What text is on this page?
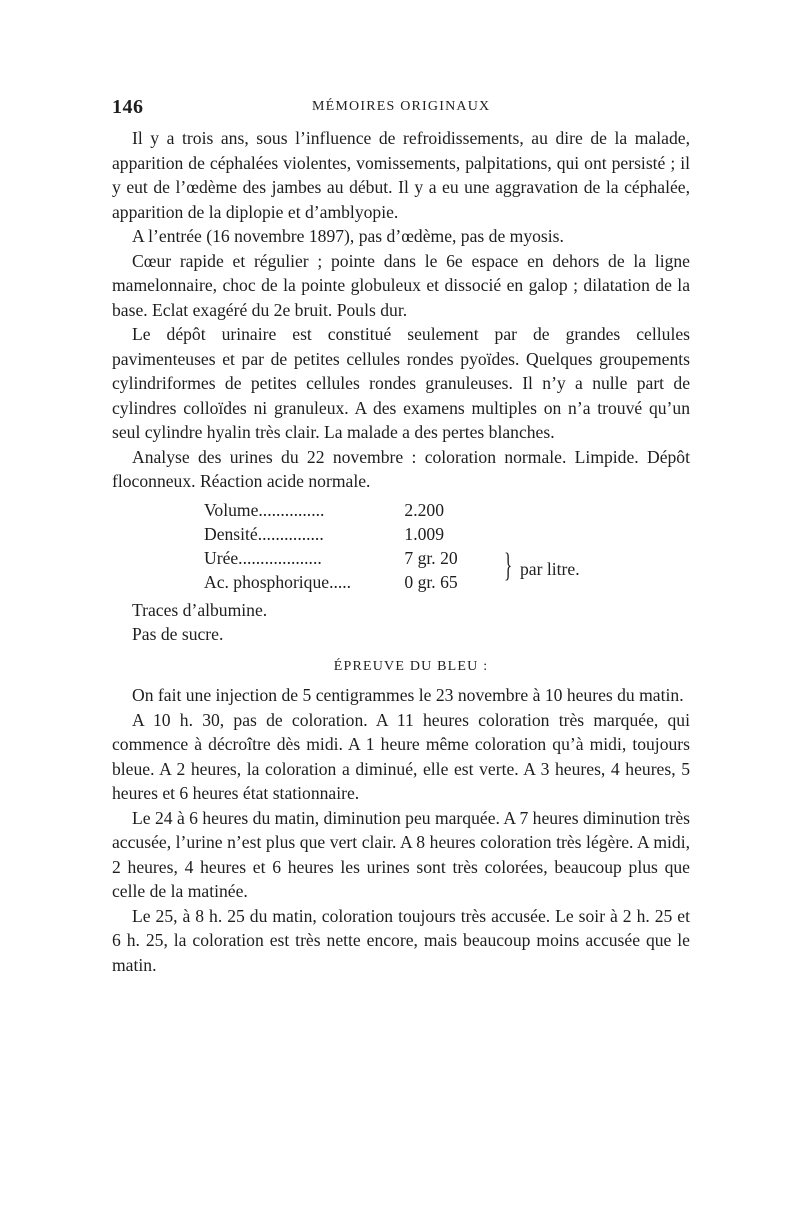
146	MÉMOIRES ORIGINAUX

Il y a trois ans, sous l’influence de refroidissements, au dire de la malade, apparition de céphalées violentes, vomissements, palpitations, qui ont persisté ; il y eut de l’œdème des jambes au début. Il y a eu une aggravation de la céphalée, apparition de la diplopie et d’amblyopie.

A l’entrée (16 novembre 1897), pas d’œdème, pas de myosis.

Cœur rapide et régulier ; pointe dans le 6e espace en dehors de la ligne mamelonnaire, choc de la pointe globuleux et dissocié en galop ; dilatation de la base. Eclat exagéré du 2e bruit. Pouls dur.

Le dépôt urinaire est constitué seulement par de grandes cellules pavimenteuses et par de petites cellules rondes pyoïdes. Quelques groupements cylindriformes de petites cellules rondes granuleuses. Il n’y a nulle part de cylindres colloïdes ni granuleux. A des examens multiples on n’a trouvé qu’un seul cylindre hyalin très clair. La malade a des pertes blanches.

Analyse des urines du 22 novembre : coloration normale. Limpide. Dépôt floconneux. Réaction acide normale.

Volume...............	2.200
Densité...............	1.009
Urée...................	7 gr. 20
Ac. phosphorique.....	0 gr. 65 } par litre.

Traces d’albumine.

Pas de sucre.

ÉPREUVE DU BLEU :

On fait une injection de 5 centigrammes le 23 novembre à 10 heures du matin.

A 10 h. 30, pas de coloration. A 11 heures coloration très marquée, qui commence à décroître dès midi. A 1 heure même coloration qu’à midi, toujours bleue. A 2 heures, la coloration a diminué, elle est verte. A 3 heures, 4 heures, 5 heures et 6 heures état stationnaire.

Le 24 à 6 heures du matin, diminution peu marquée. A 7 heures diminution très accusée, l’urine n’est plus que vert clair. A 8 heures coloration très légère. A midi, 2 heures, 4 heures et 6 heures les urines sont très colorées, beaucoup plus que celle de la matinée.

Le 25, à 8 h. 25 du matin, coloration toujours très accusée. Le soir à 2 h. 25 et 6 h. 25, la coloration est très nette encore, mais beaucoup moins accusée que le matin.
